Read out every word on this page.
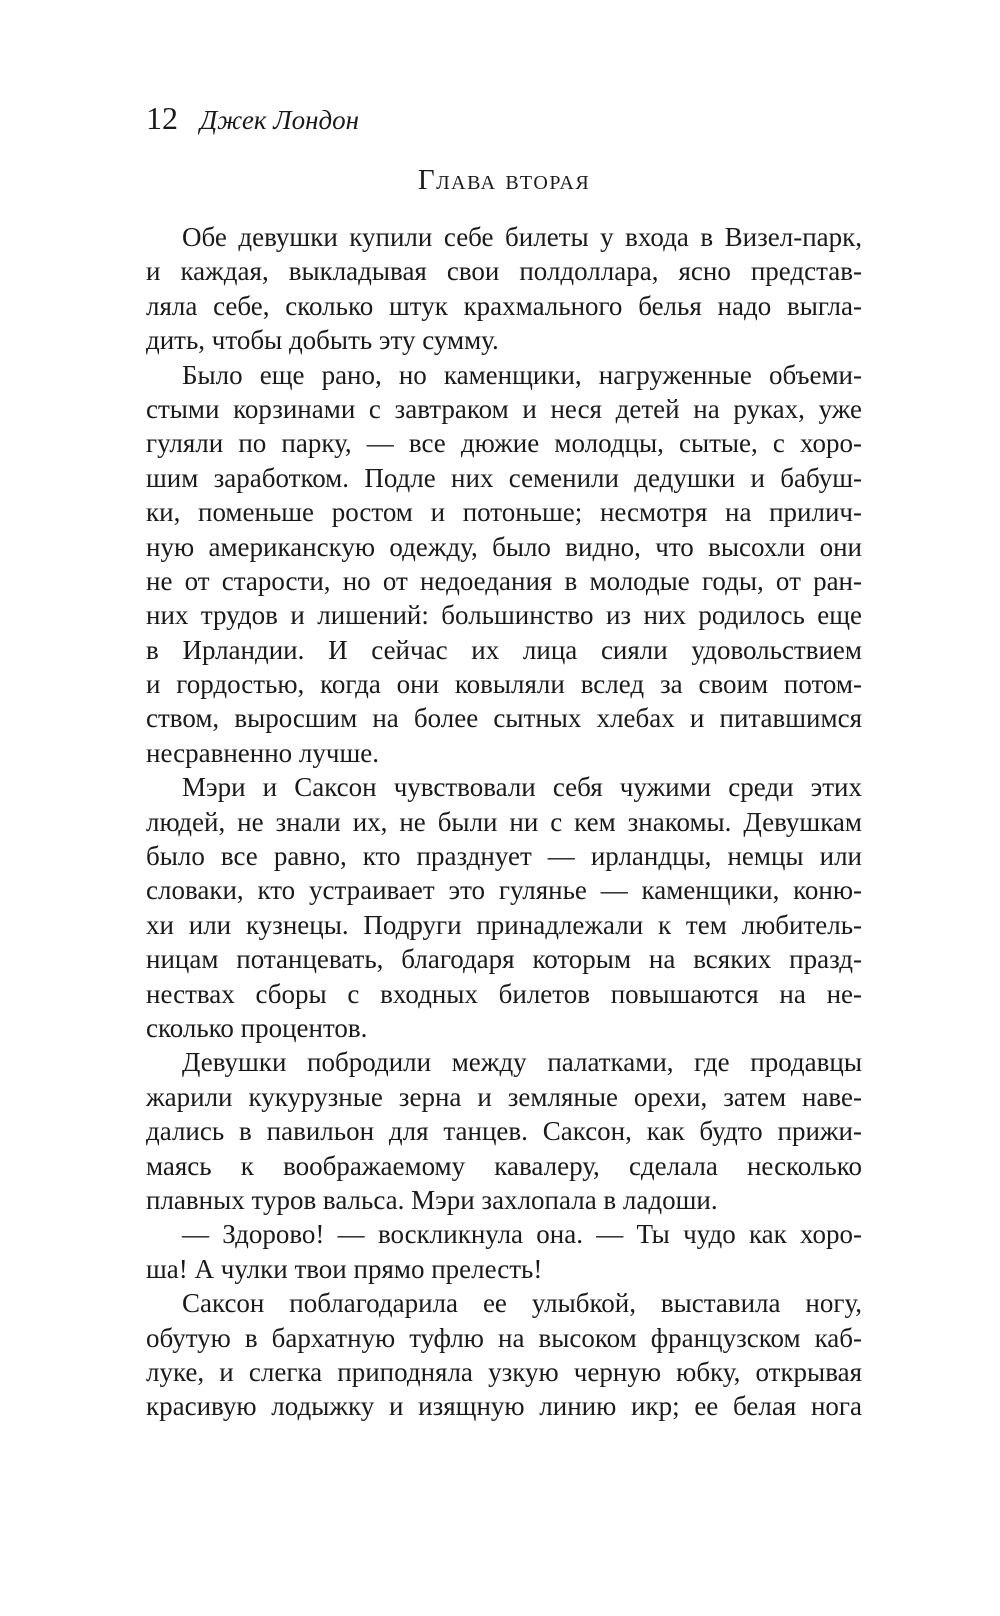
12 Джек Лондон
Глава вторая
Обе девушки купили себе билеты у входа в Визел-парк,
и каждая, выкладывая свои полдоллара, ясно представ-
ляла себе, сколько штук крахмального белья надо выгла-
дить, чтобы добыть эту сумму.
Было еще рано, но каменщики, нагруженные объеми-
стыми корзинами с завтраком и неся детей на руках, уже
гуляли по парку, — все дюжие молодцы, сытые, с хоро-
шим заработком. Подле них семенили дедушки и бабуш-
ки, поменьше ростом и потоньше; несмотря на прилич-
ную американскую одежду, было видно, что высохли они
не от старости, но от недоедания в молодые годы, от ран-
них трудов и лишений: большинство из них родилось еще
в Ирландии. И сейчас их лица сияли удовольствием
и гордостью, когда они ковыляли вслед за своим потом-
ством, выросшим на более сытных хлебах и питавшимся
несравненно лучше.
Мэри и Саксон чувствовали себя чужими среди этих
людей, не знали их, не были ни с кем знакомы. Девушкам
было все равно, кто празднует — ирландцы, немцы или
словаки, кто устраивает это гулянье — каменщики, коню-
хи или кузнецы. Подруги принадлежали к тем любитель-
ницам потанцевать, благодаря которым на всяких празд-
нествах сборы с входных билетов повышаются на не-
сколько процентов.
Девушки побродили между палатками, где продавцы
жарили кукурузные зерна и земляные орехи, затем наве-
дались в павильон для танцев. Саксон, как будто прижи-
маясь к воображаемому кавалеру, сделала несколько
плавных туров вальса. Мэри захлопала в ладоши.
— Здорово! — воскликнула она. — Ты чудо как хоро-
ша! А чулки твои прямо прелесть!
Саксон поблагодарила ее улыбкой, выставила ногу,
обутую в бархатную туфлю на высоком французском каб-
луке, и слегка приподняла узкую черную юбку, открывая
красивую лодыжку и изящную линию икр; ее белая нога
